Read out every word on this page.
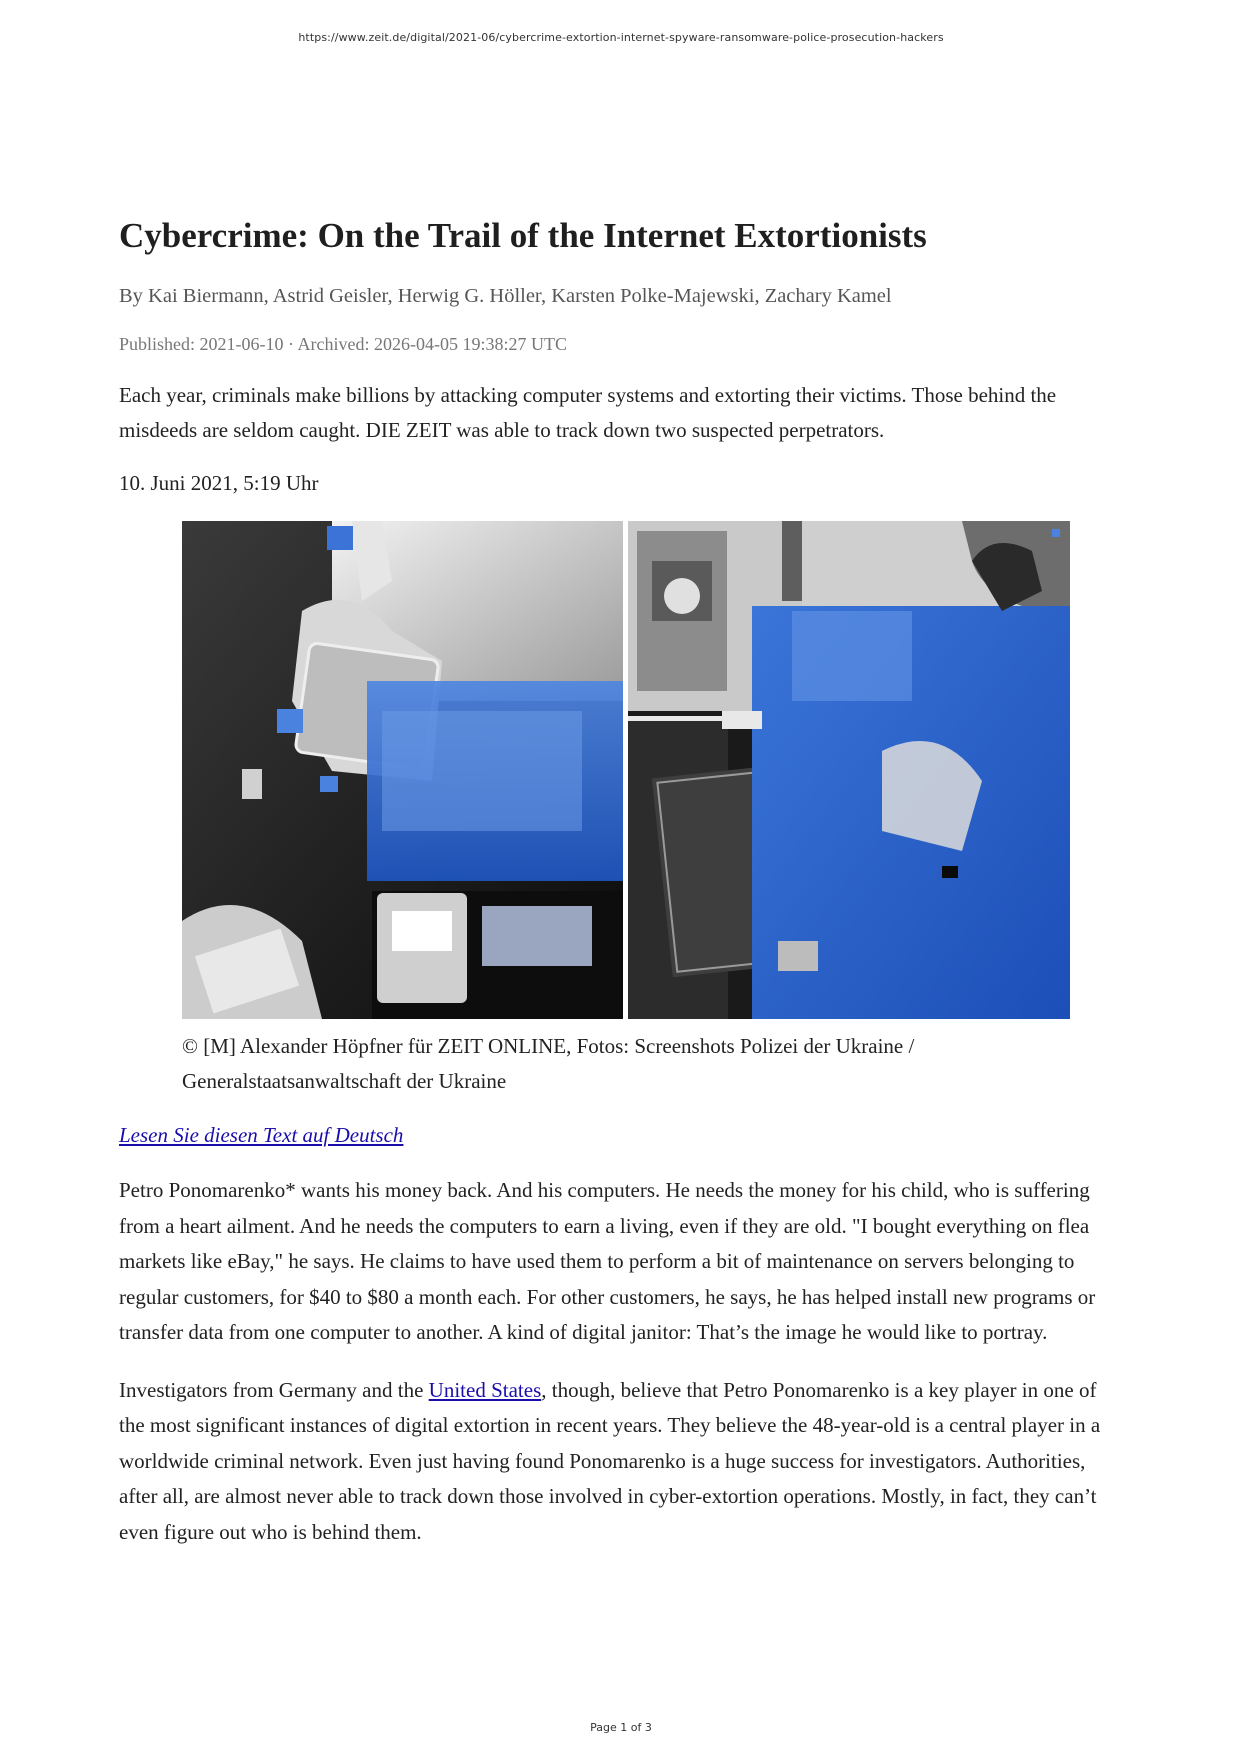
https://www.zeit.de/digital/2021-06/cybercrime-extortion-internet-spyware-ransomware-police-prosecution-hackers
Cybercrime: On the Trail of the Internet Extortionists
By Kai Biermann, Astrid Geisler, Herwig G. Höller, Karsten Polke-Majewski, Zachary Kamel
Published: 2021-06-10 · Archived: 2026-04-05 19:38:27 UTC
Each year, criminals make billions by attacking computer systems and extorting their victims. Those behind the misdeeds are seldom caught. DIE ZEIT was able to track down two suspected perpetrators.
10. Juni 2021, 5:19 Uhr
© [M] Alexander Höpfner für ZEIT ONLINE, Fotos: Screenshots Polizei der Ukraine / Generalstaatsanwaltschaft der Ukraine
Lesen Sie diesen Text auf Deutsch

Petro Ponomarenko* wants his money back. And his computers. He needs the money for his child, who is suffering from a heart ailment. And he needs the computers to earn a living, even if they are old. "I bought everything on flea markets like eBay," he says. He claims to have used them to perform a bit of maintenance on servers belonging to regular customers, for $40 to $80 a month each. For other customers, he says, he has helped install new programs or transfer data from one computer to another. A kind of digital janitor: That’s the image he would like to portray.

Investigators from Germany and the United States, though, believe that Petro Ponomarenko is a key player in one of the most significant instances of digital extortion in recent years. They believe the 48-year-old is a central player in a worldwide criminal network. Even just having found Ponomarenko is a huge success for investigators. Authorities, after all, are almost never able to track down those involved in cyber-extortion operations. Mostly, in fact, they can’t even figure out who is behind them.

Page 1 of 3
